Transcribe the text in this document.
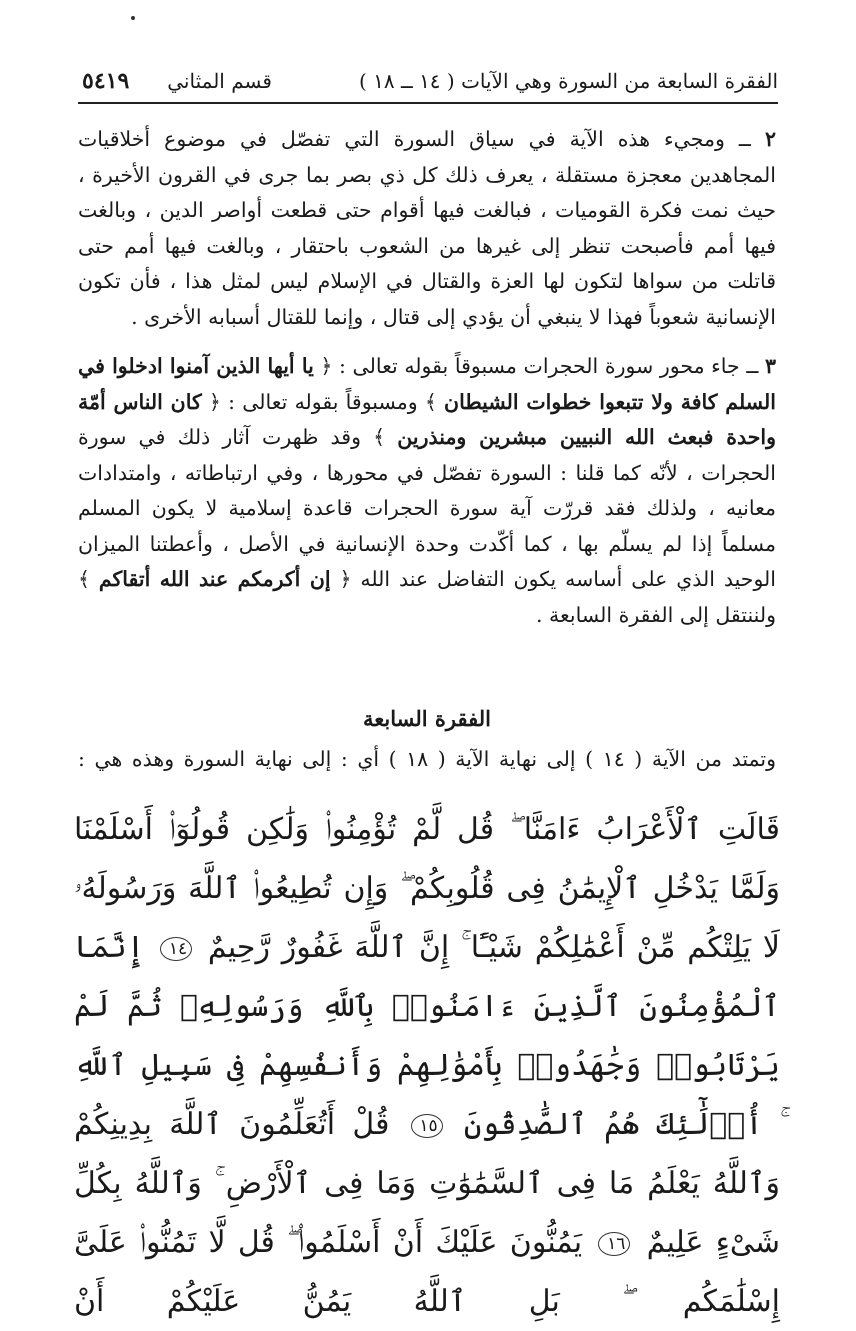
الفقرة السابعة من السورة وهي الآيات ( ١٤ ــ ١٨ )
قسم المثاني
٥٤١٩

٢ ــ ومجيء هذه الآية في سياق السورة التي تفصّل في موضوع أخلاقيات المجاهدين معجزة مستقلة ، يعرف ذلك كل ذي بصر بما جرى في القرون الأخيرة ، حيث نمت فكرة القوميات ، فبالغت فيها أقوام حتى قطعت أواصر الدين ، وبالغت فيها أمم فأصبحت تنظر إلى غيرها من الشعوب باحتقار ، وبالغت فيها أمم حتى قاتلت من سواها لتكون لها العزة والقتال في الإسلام ليس لمثل هذا ، فأن تكون الإنسانية شعوباً فهذا لا ينبغي أن يؤدي إلى قتال ، وإنما للقتال أسبابه الأخرى .

٣ ــ جاء محور سورة الحجرات مسبوقاً بقوله تعالى : ﴿ يا أيها الذين آمنوا ادخلوا في السلم كافة ولا تتبعوا خطوات الشيطان ﴾ ومسبوقاً بقوله تعالى : ﴿ كان الناس أمّة واحدة فبعث الله النبيين مبشرين ومنذرين ﴾ وقد ظهرت آثار ذلك في سورة الحجرات ، لأنّه كما قلنا : السورة تفصّل في محورها ، وفي ارتباطاته ، وامتدادات معانيه ، ولذلك فقد قررّت آية سورة الحجرات قاعدة إسلامية لا يكون المسلم مسلماً إذا لم يسلّم بها ، كما أكّدت وحدة الإنسانية في الأصل ، وأعطتنا الميزان الوحيد الذي على أساسه يكون التفاضل عند الله ﴿ إن أكرمكم عند الله أتقاكم ﴾ ولننتقل إلى الفقرة السابعة .

الفقرة السابعة
وتمتد من الآية ( ١٤ ) إلى نهاية الآية ( ١٨ ) أي : إلى نهاية السورة وهذه هي :
قَالَتِ ٱلْأَعْرَابُ ءَامَنَّا ۖ قُل لَّمْ تُؤْمِنُوا۟ وَلَٰكِن قُولُوٓا۟ أَسْلَمْنَا وَلَمَّا يَدْخُلِ ٱلْإِيمَٰنُ فِى قُلُوبِكُمْ ۖ وَإِن تُطِيعُوا۟ ٱللَّهَ وَرَسُولَهُۥ لَا يَلِتْكُم مِّنْ أَعْمَٰلِكُمْ شَيْـًٔا ۚ إِنَّ ٱللَّهَ غَفُورٌ رَّحِيمٌ ١٤ إِنَّمَا ٱلْمُؤْمِنُونَ ٱلَّذِينَ ءَامَنُوا۟ بِٱللَّهِ وَرَسُولِهِۦ ثُمَّ لَمْ يَرْتَابُوا۟ وَجَٰهَدُوا۟ بِأَمْوَٰلِهِمْ وَأَنفُسِهِمْ فِى سَبِيلِ ٱللَّهِ ۚ أُو۟لَٰٓئِكَ هُمُ ٱلصَّٰدِقُونَ ١٥ قُلْ أَتُعَلِّمُونَ ٱللَّهَ بِدِينِكُمْ وَٱللَّهُ يَعْلَمُ مَا فِى ٱلسَّمَٰوَٰتِ وَمَا فِى ٱلْأَرْضِ ۚ وَٱللَّهُ بِكُلِّ شَىْءٍ عَلِيمٌ ١٦ يَمُنُّونَ عَلَيْكَ أَنْ أَسْلَمُوا۟ ۖ قُل لَّا تَمُنُّوا۟ عَلَىَّ إِسْلَٰمَكُم ۖ بَلِ ٱللَّهُ يَمُنُّ عَلَيْكُمْ أَنْ
